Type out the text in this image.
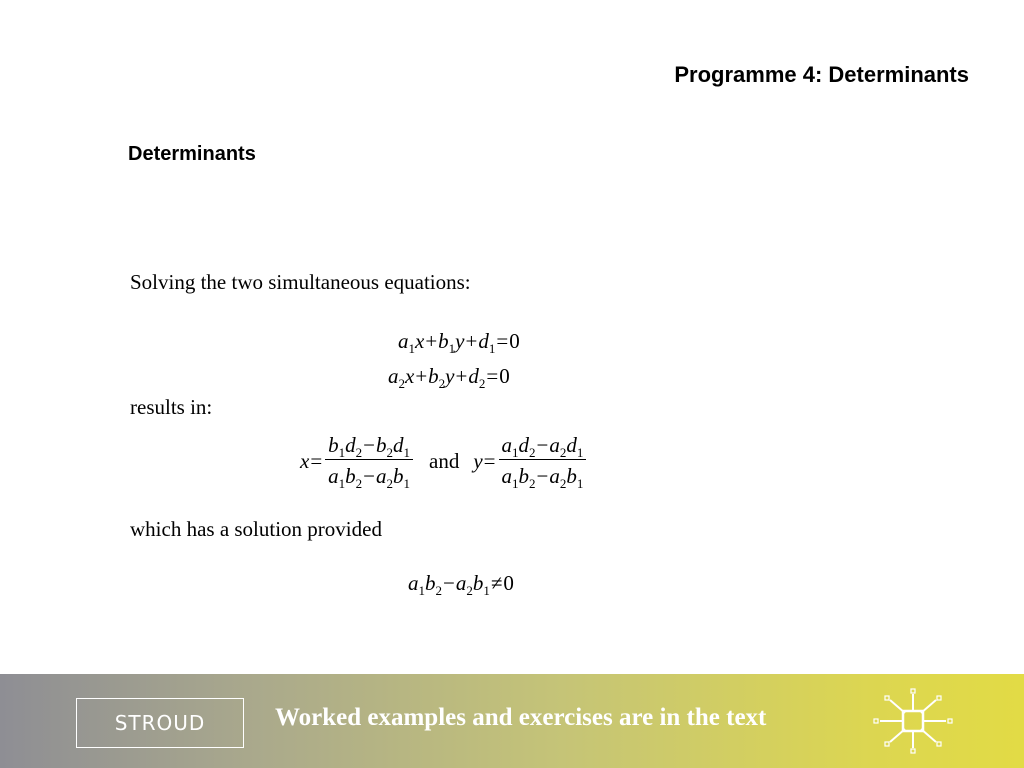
Programme 4: Determinants
Determinants
Solving the two simultaneous equations:
$a_1x+b_1y+d_1=0$
$a_2x+b_2y+d_2=0$
results in:
$x= \frac{b_1d_2-b_2d_1}{a_1b_2-a_2b_1}$ and $y= \frac{a_1d_2-a_2d_1}{a_1b_2-a_2b_1}$
which has a solution provided
$a_1b_2-a_2b_1\ne 0$
STROUD	Worked examples and exercises are in the text
